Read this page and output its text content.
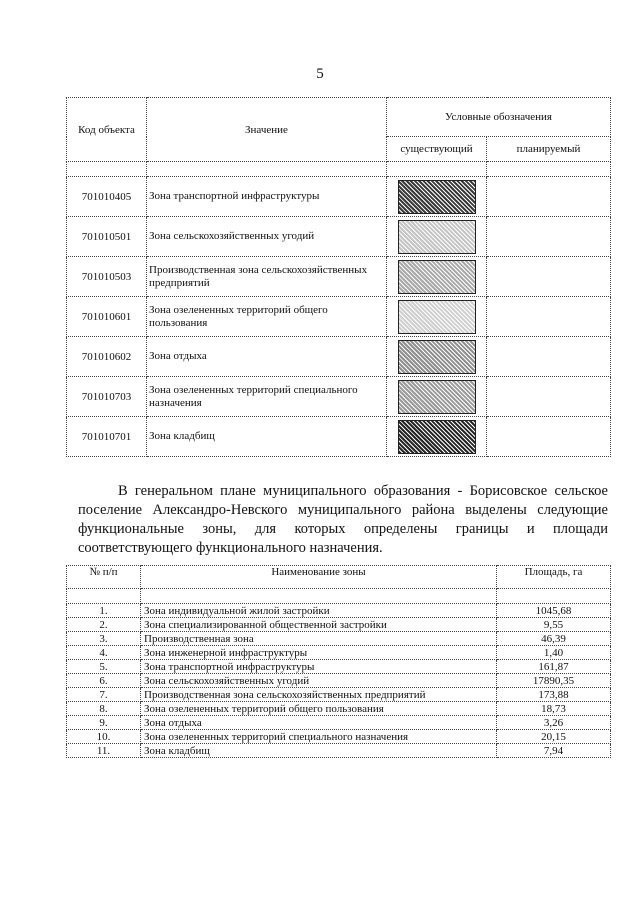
5
Код объекта	Значение	Условные обозначения	
		существующий	планируемый

701010405	Зона транспортной инфраструктуры	

701010501	Зона сельскохозяйственных угодий	

701010503	Производственная зона сельскохозяйственных предприятий	

701010601	Зона озелененных территорий общего пользования	

701010602	Зона отдыха	

701010703	Зона озелененных территорий специального назначения	

701010701	Зона кладбищ	

В генеральном плане муниципального образования - Борисовское сельское поселение Александро-Невского муниципального района выделены следующие функциональные зоны, для которых определены границы и площади соответствующего функционального назначения.

№ п/п	Наименование зоны	Площадь, га

1.	Зона индивидуальной жилой застройки	1045,68
2.	Зона специализированной общественной застройки	9,55
3.	Производственная зона	46,39
4.	Зона инженерной инфраструктуры	1,40
5.	Зона транспортной инфраструктуры	161,87
6.	Зона сельскохозяйственных угодий	17890,35
7.	Производственная зона сельскохозяйственных предприятий	173,88
8.	Зона озелененных территорий общего пользования	18,73
9.	Зона отдыха	3,26
10.	Зона озелененных территорий специального назначения	20,15
11.	Зона кладбищ	7,94
